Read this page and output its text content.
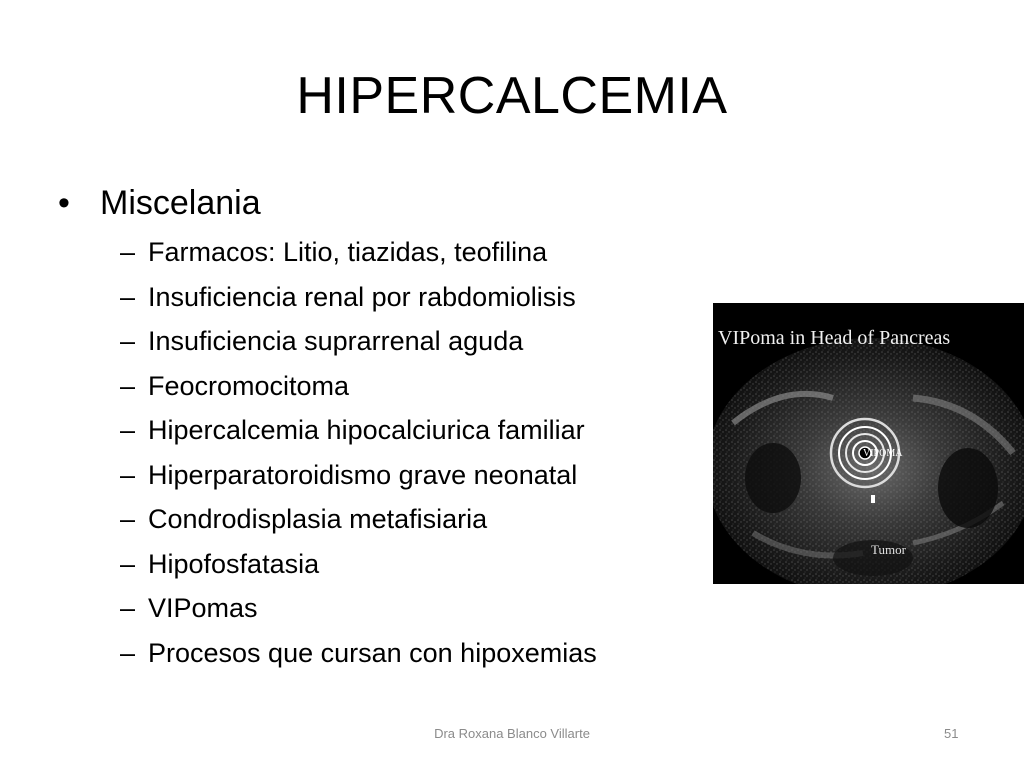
HIPERCALCEMIA
• Miscelania
– Farmacos: Litio, tiazidas, teofilina
– Insuficiencia renal por rabdomiolisis
– Insuficiencia suprarrenal aguda
– Feocromocitoma
– Hipercalcemia hipocalciurica familiar
– Hiperparatoroidismo grave neonatal
– Condrodisplasia metafisiaria
– Hipofosfatasia
– VIPomas
– Procesos que cursan con hipoxemias
VIPoma in Head of Pancreas
VIPOMA
Tumor
Dra Roxana Blanco Villarte	51
